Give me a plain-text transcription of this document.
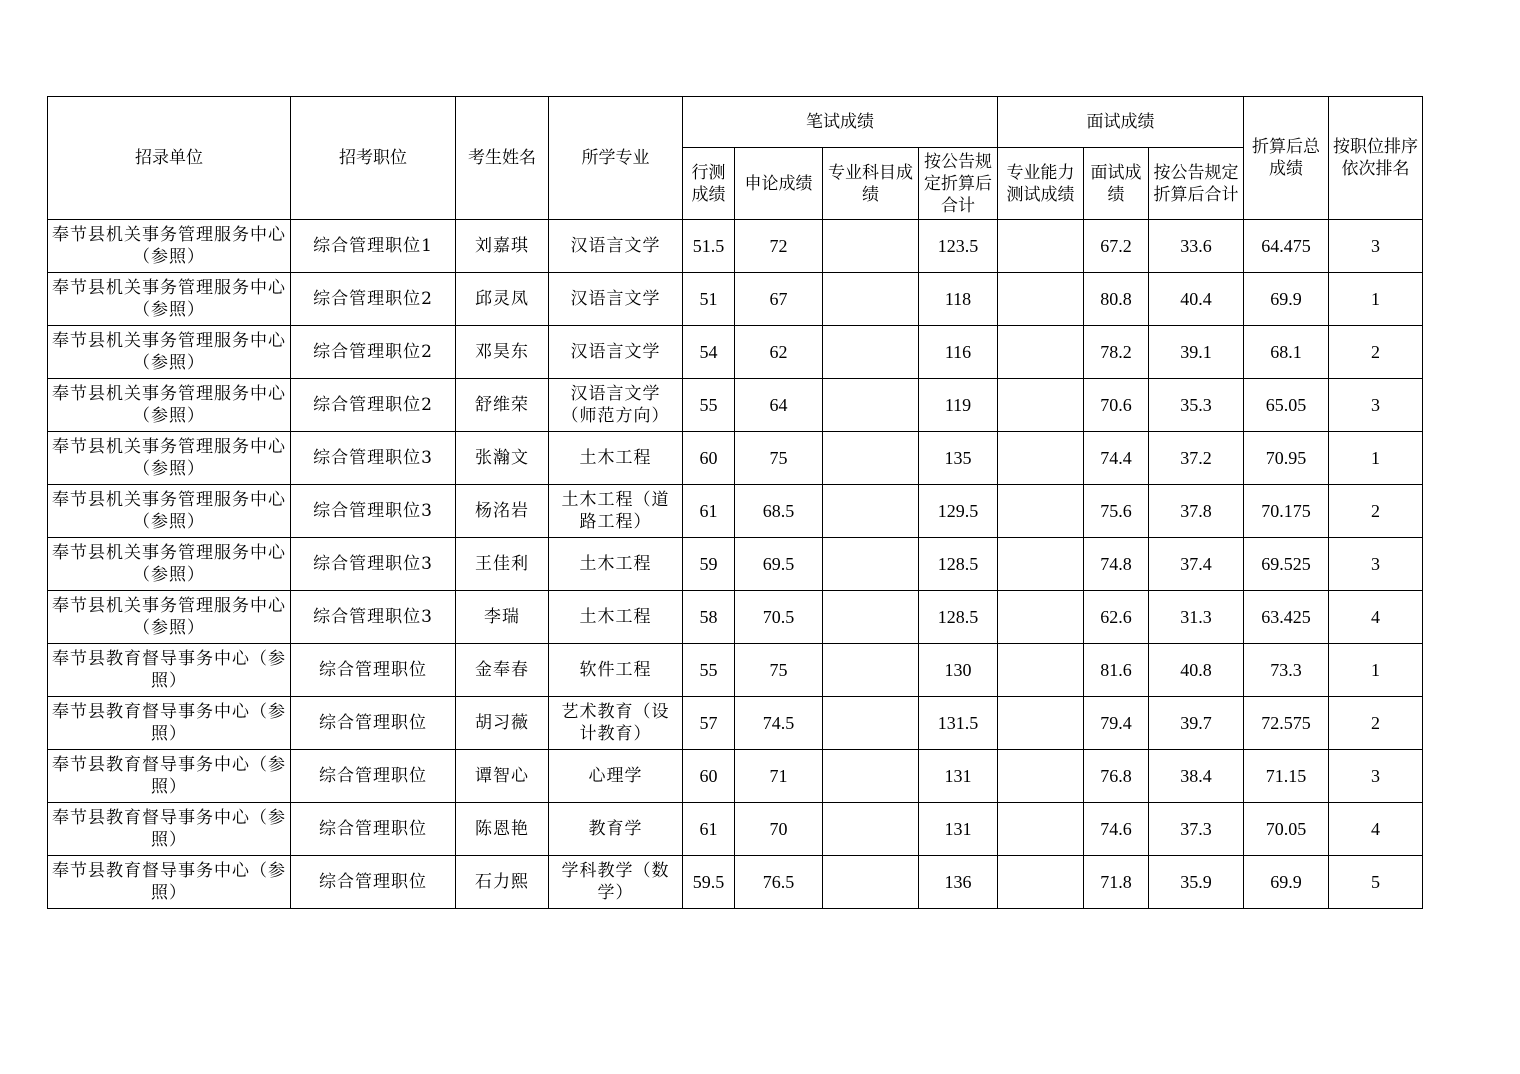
招录单位	招考职位	考生姓名	所学专业	笔试成绩				面试成绩			折算后总成绩	按职位排序依次排名
				行测成绩	申论成绩	专业科目成绩	按公告规定折算后合计	专业能力测试成绩	面试成绩	按公告规定折算后合计		
奉节县机关事务管理服务中心（参照）	综合管理职位1	刘嘉琪	汉语言文学	51.5	72		123.5		67.2	33.6	64.475	3
奉节县机关事务管理服务中心（参照）	综合管理职位2	邱灵凤	汉语言文学	51	67		118		80.8	40.4	69.9	1
奉节县机关事务管理服务中心（参照）	综合管理职位2	邓昊东	汉语言文学	54	62		116		78.2	39.1	68.1	2
奉节县机关事务管理服务中心（参照）	综合管理职位2	舒维荣	汉语言文学（师范方向）	55	64		119		70.6	35.3	65.05	3
奉节县机关事务管理服务中心（参照）	综合管理职位3	张瀚文	土木工程	60	75		135		74.4	37.2	70.95	1
奉节县机关事务管理服务中心（参照）	综合管理职位3	杨洺岩	土木工程（道路工程）	61	68.5		129.5		75.6	37.8	70.175	2
奉节县机关事务管理服务中心（参照）	综合管理职位3	王佳利	土木工程	59	69.5		128.5		74.8	37.4	69.525	3
奉节县机关事务管理服务中心（参照）	综合管理职位3	李瑞	土木工程	58	70.5		128.5		62.6	31.3	63.425	4
奉节县教育督导事务中心（参照）	综合管理职位	金奉春	软件工程	55	75		130		81.6	40.8	73.3	1
奉节县教育督导事务中心（参照）	综合管理职位	胡习薇	艺术教育（设计教育）	57	74.5		131.5		79.4	39.7	72.575	2
奉节县教育督导事务中心（参照）	综合管理职位	谭智心	心理学	60	71		131		76.8	38.4	71.15	3
奉节县教育督导事务中心（参照）	综合管理职位	陈恩艳	教育学	61	70		131		74.6	37.3	70.05	4
奉节县教育督导事务中心（参照）	综合管理职位	石力熙	学科教学（数学）	59.5	76.5		136		71.8	35.9	69.9	5
